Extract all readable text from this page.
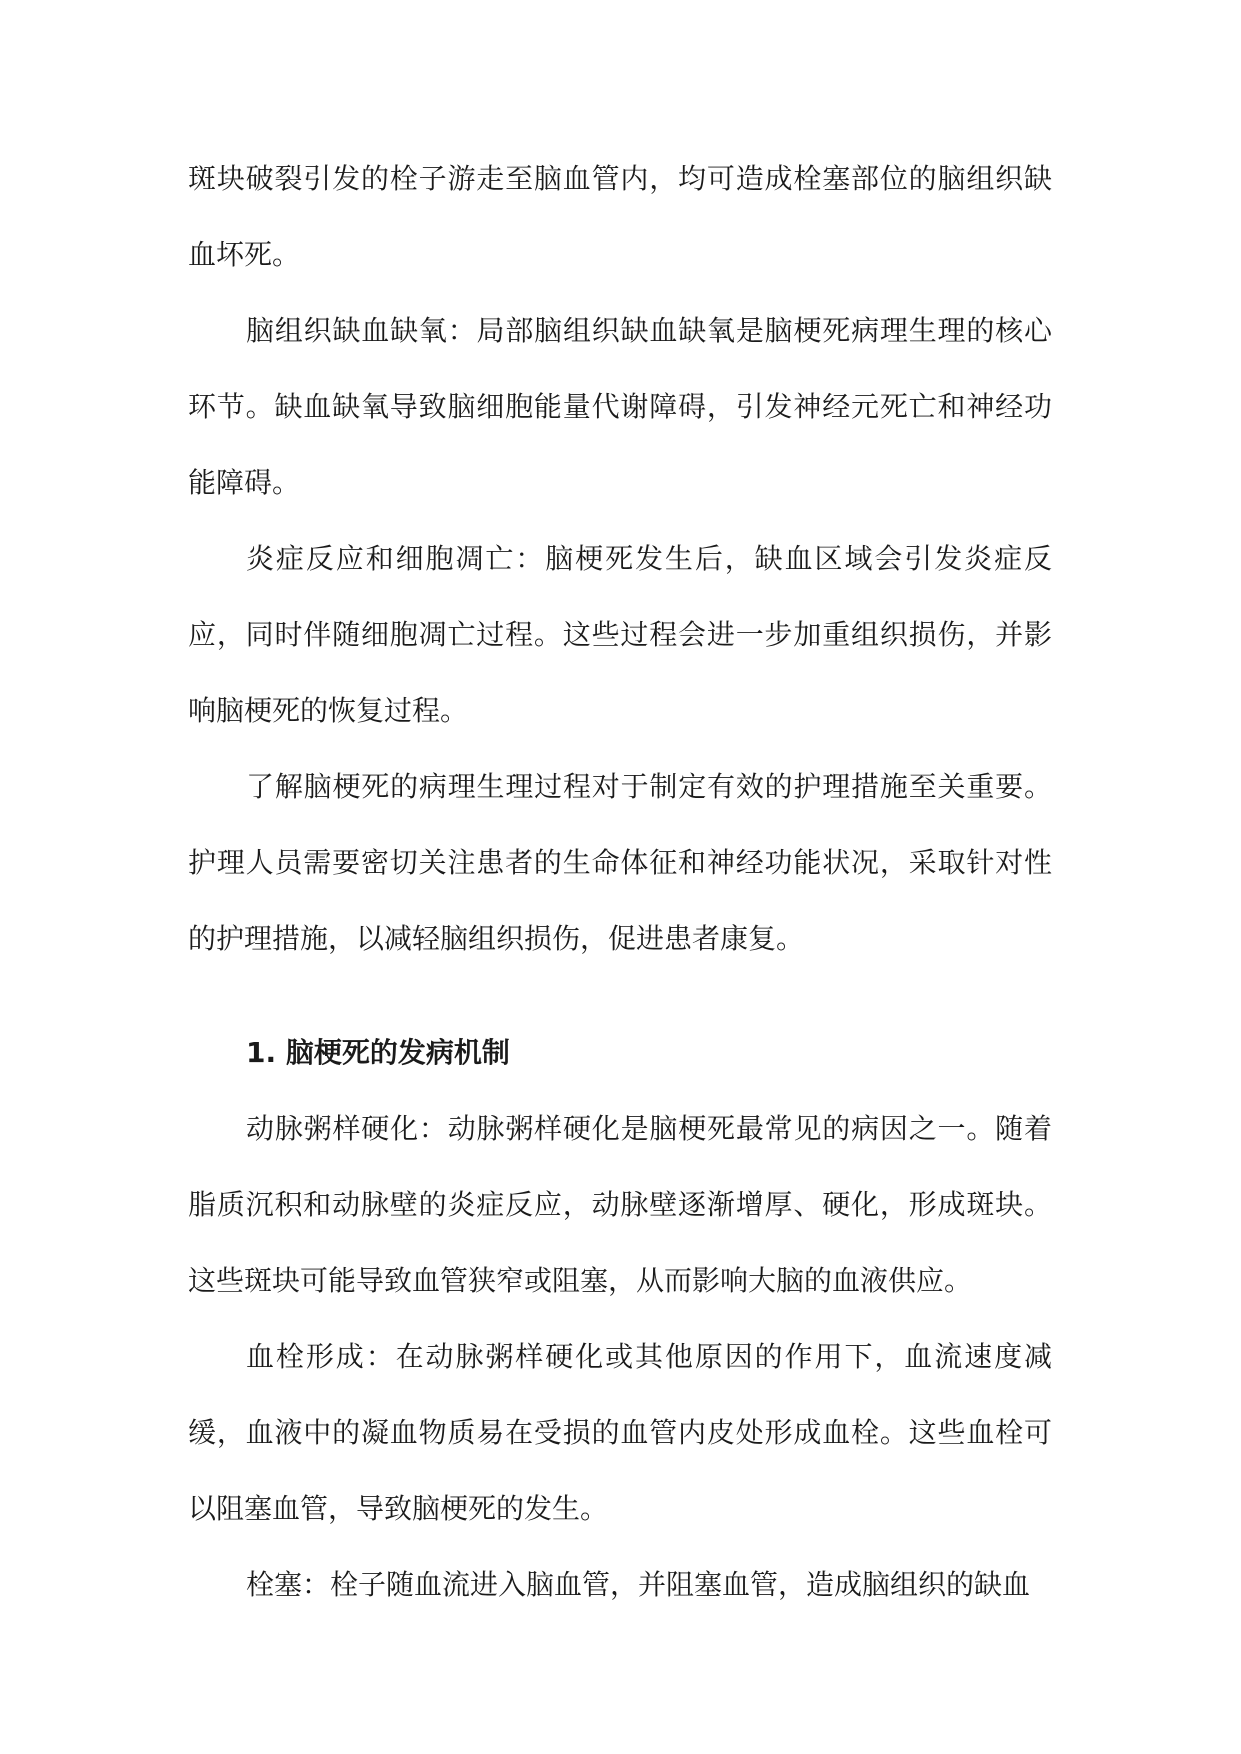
斑块破裂引发的栓子游走至脑血管内，均可造成栓塞部位的脑组织缺血坏死。

脑组织缺血缺氧：局部脑组织缺血缺氧是脑梗死病理生理的核心环节。缺血缺氧导致脑细胞能量代谢障碍，引发神经元死亡和神经功能障碍。

炎症反应和细胞凋亡：脑梗死发生后，缺血区域会引发炎症反应，同时伴随细胞凋亡过程。这些过程会进一步加重组织损伤，并影响脑梗死的恢复过程。

了解脑梗死的病理生理过程对于制定有效的护理措施至关重要。护理人员需要密切关注患者的生命体征和神经功能状况，采取针对性的护理措施，以减轻脑组织损伤，促进患者康复。

1. 脑梗死的发病机制

动脉粥样硬化：动脉粥样硬化是脑梗死最常见的病因之一。随着脂质沉积和动脉壁的炎症反应，动脉壁逐渐增厚、硬化，形成斑块。这些斑块可能导致血管狭窄或阻塞，从而影响大脑的血液供应。

血栓形成：在动脉粥样硬化或其他原因的作用下，血流速度减缓，血液中的凝血物质易在受损的血管内皮处形成血栓。这些血栓可以阻塞血管，导致脑梗死的发生。

栓塞：栓子随血流进入脑血管，并阻塞血管，造成脑组织的缺血
